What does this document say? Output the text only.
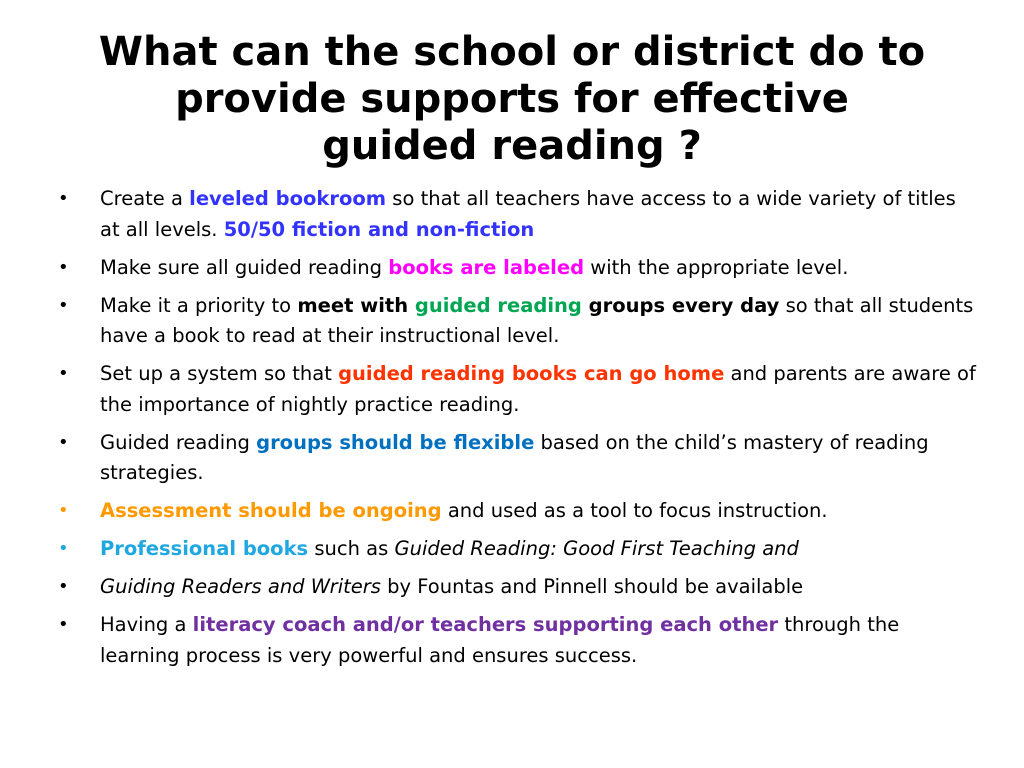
What can the school or district do to
provide supports for effective
guided reading ?
•	Create a leveled bookroom so that all teachers have access to a wide variety of titles at all levels. 50/50 fiction and non-fiction
•	Make sure all guided reading books are labeled with the appropriate level.
•	Make it a priority to meet with guided reading groups every day so that all students have a book to read at their instructional level.
•	Set up a system so that guided reading books can go home and parents are aware of the importance of nightly practice reading.
•	Guided reading groups should be flexible based on the child’s mastery of reading strategies.
•	Assessment should be ongoing and used as a tool to focus instruction.
•	Professional books such as Guided Reading: Good First Teaching and
•	Guiding Readers and Writers by Fountas and Pinnell should be available
•	Having a literacy coach and/or teachers supporting each other through the learning process is very powerful and ensures success.
